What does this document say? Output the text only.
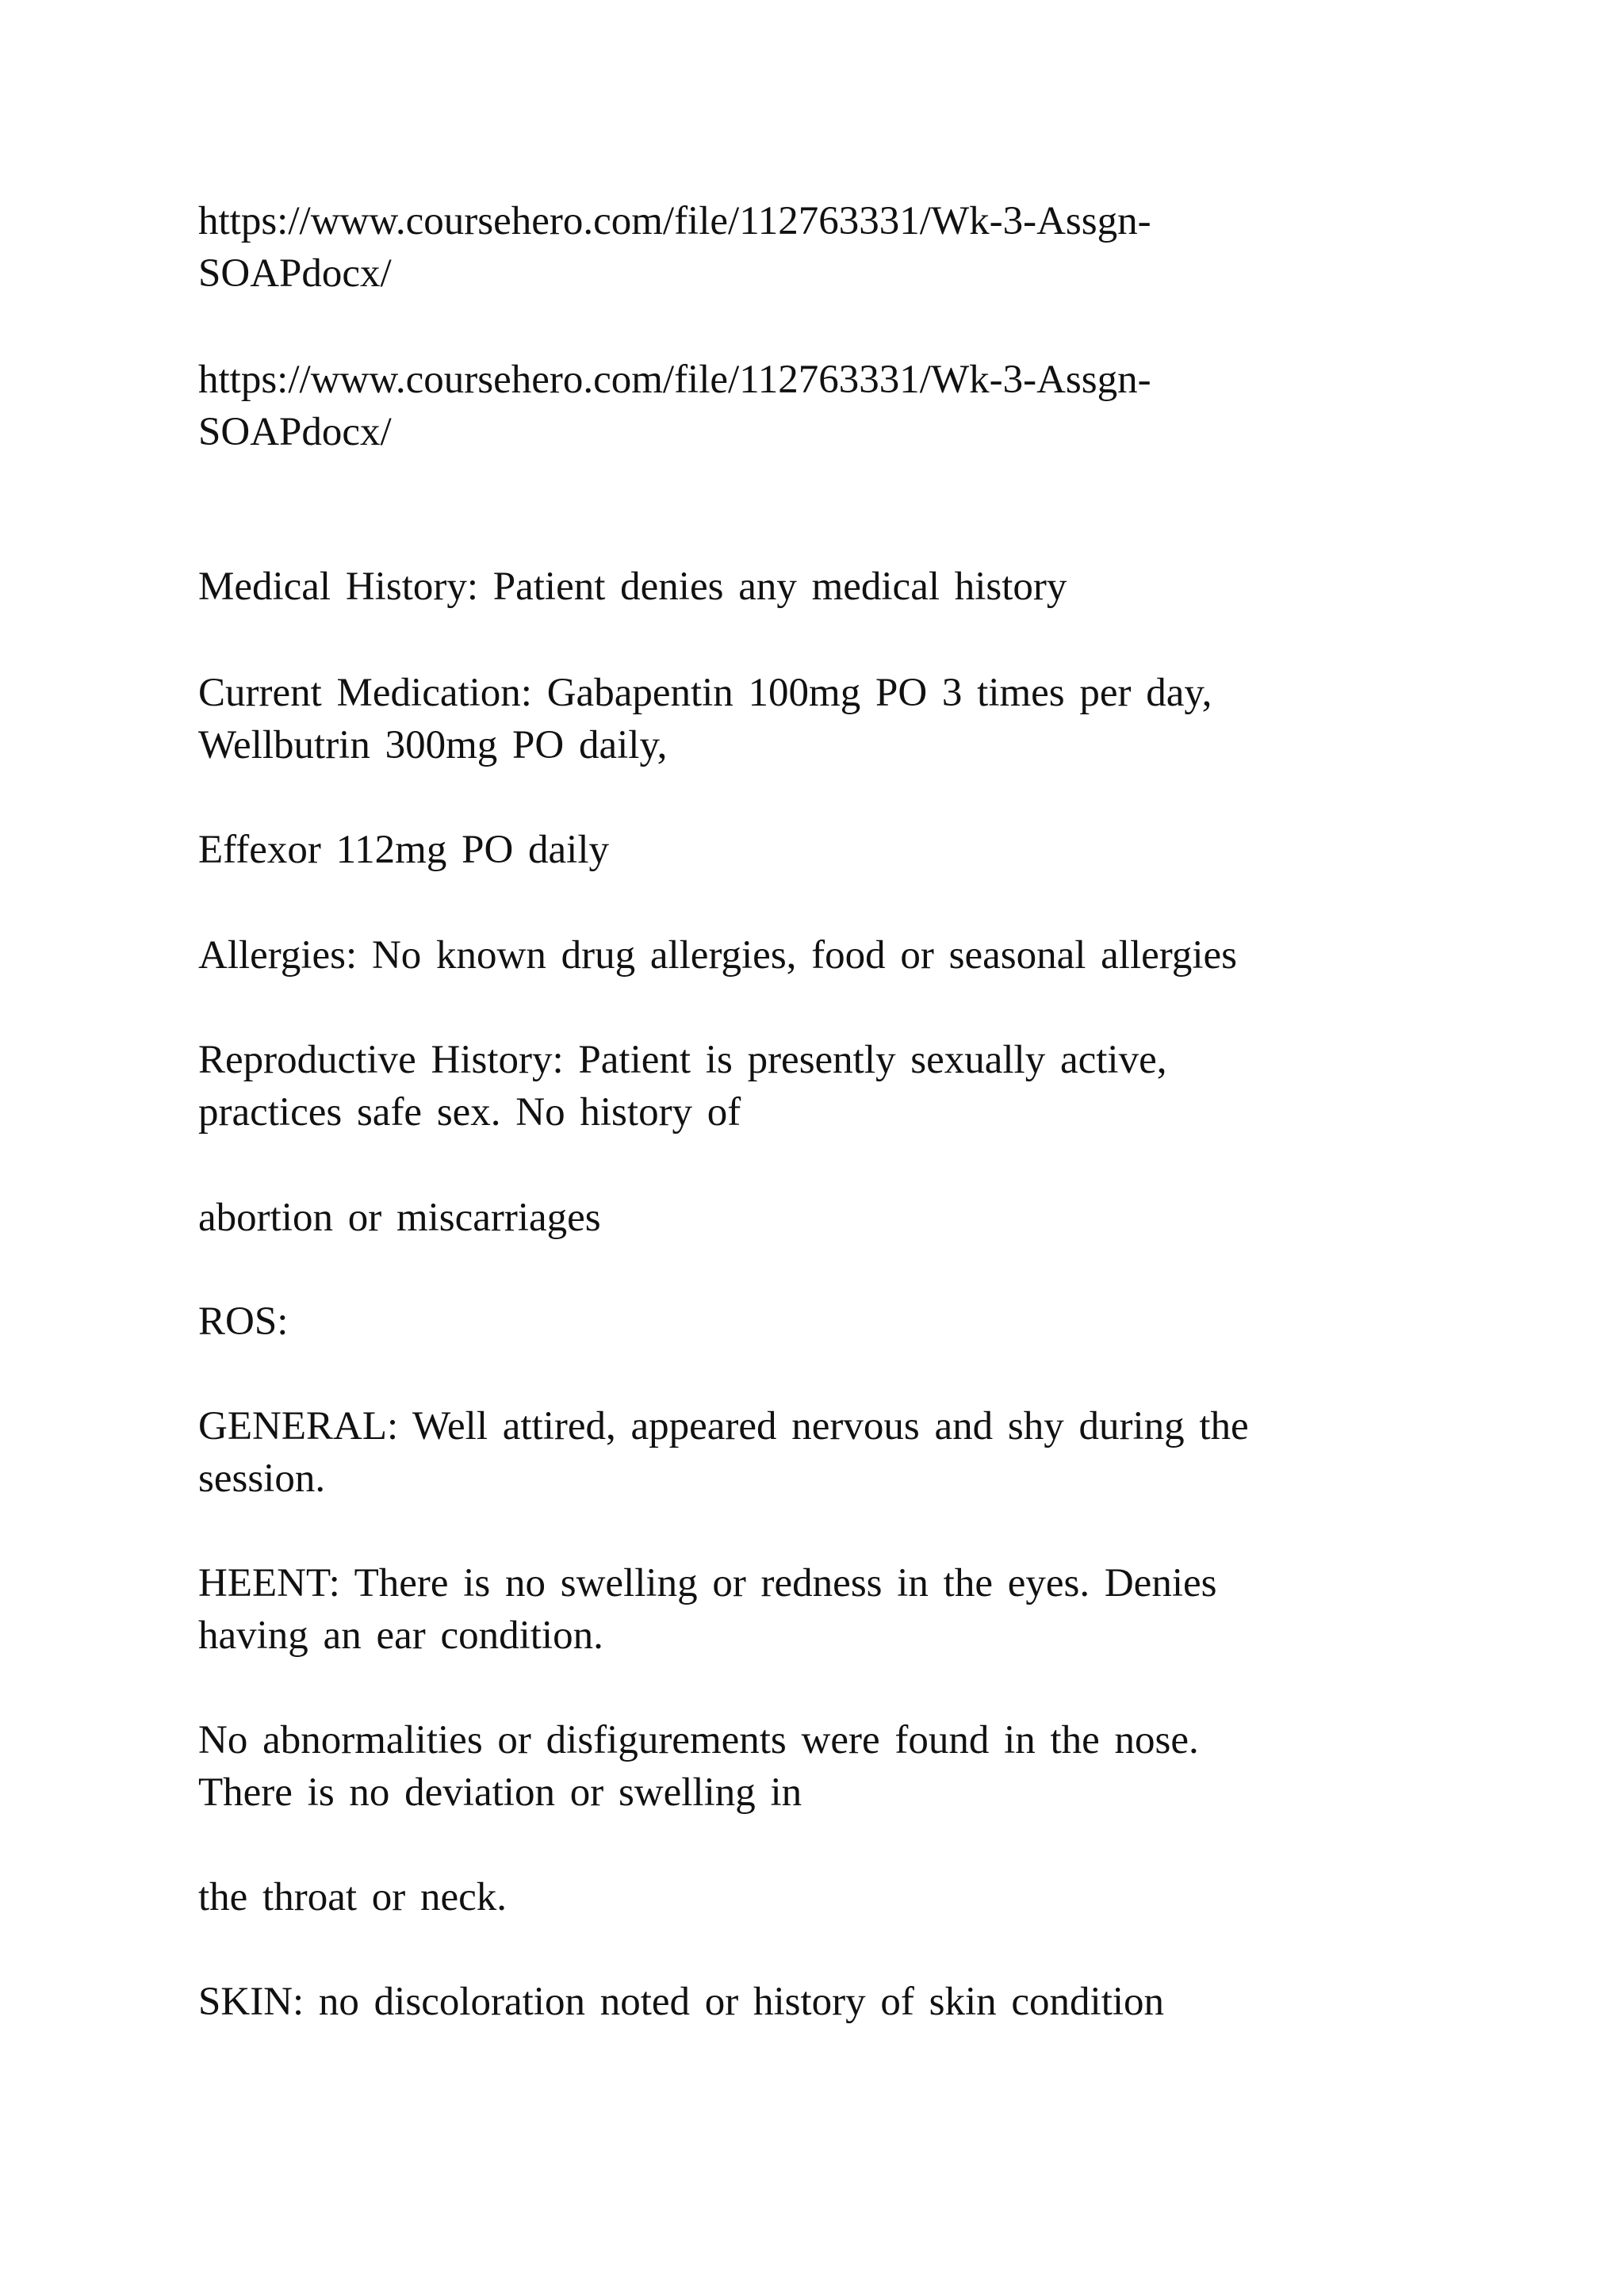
https://www.coursehero.com/file/112763331/Wk-3-Assgn-
SOAPdocx/

https://www.coursehero.com/file/112763331/Wk-3-Assgn-
SOAPdocx/

Medical History: Patient denies any medical history

Current Medication: Gabapentin 100mg PO 3 times per day,
Wellbutrin 300mg PO daily,

Effexor 112mg PO daily

Allergies: No known drug allergies, food or seasonal allergies

Reproductive History: Patient is presently sexually active,
practices safe sex. No history of

abortion or miscarriages

ROS:

GENERAL: Well attired, appeared nervous and shy during the
session.

HEENT: There is no swelling or redness in the eyes. Denies
having an ear condition.

No abnormalities or disfigurements were found in the nose.
There is no deviation or swelling in

the throat or neck.

SKIN: no discoloration noted or history of skin condition
